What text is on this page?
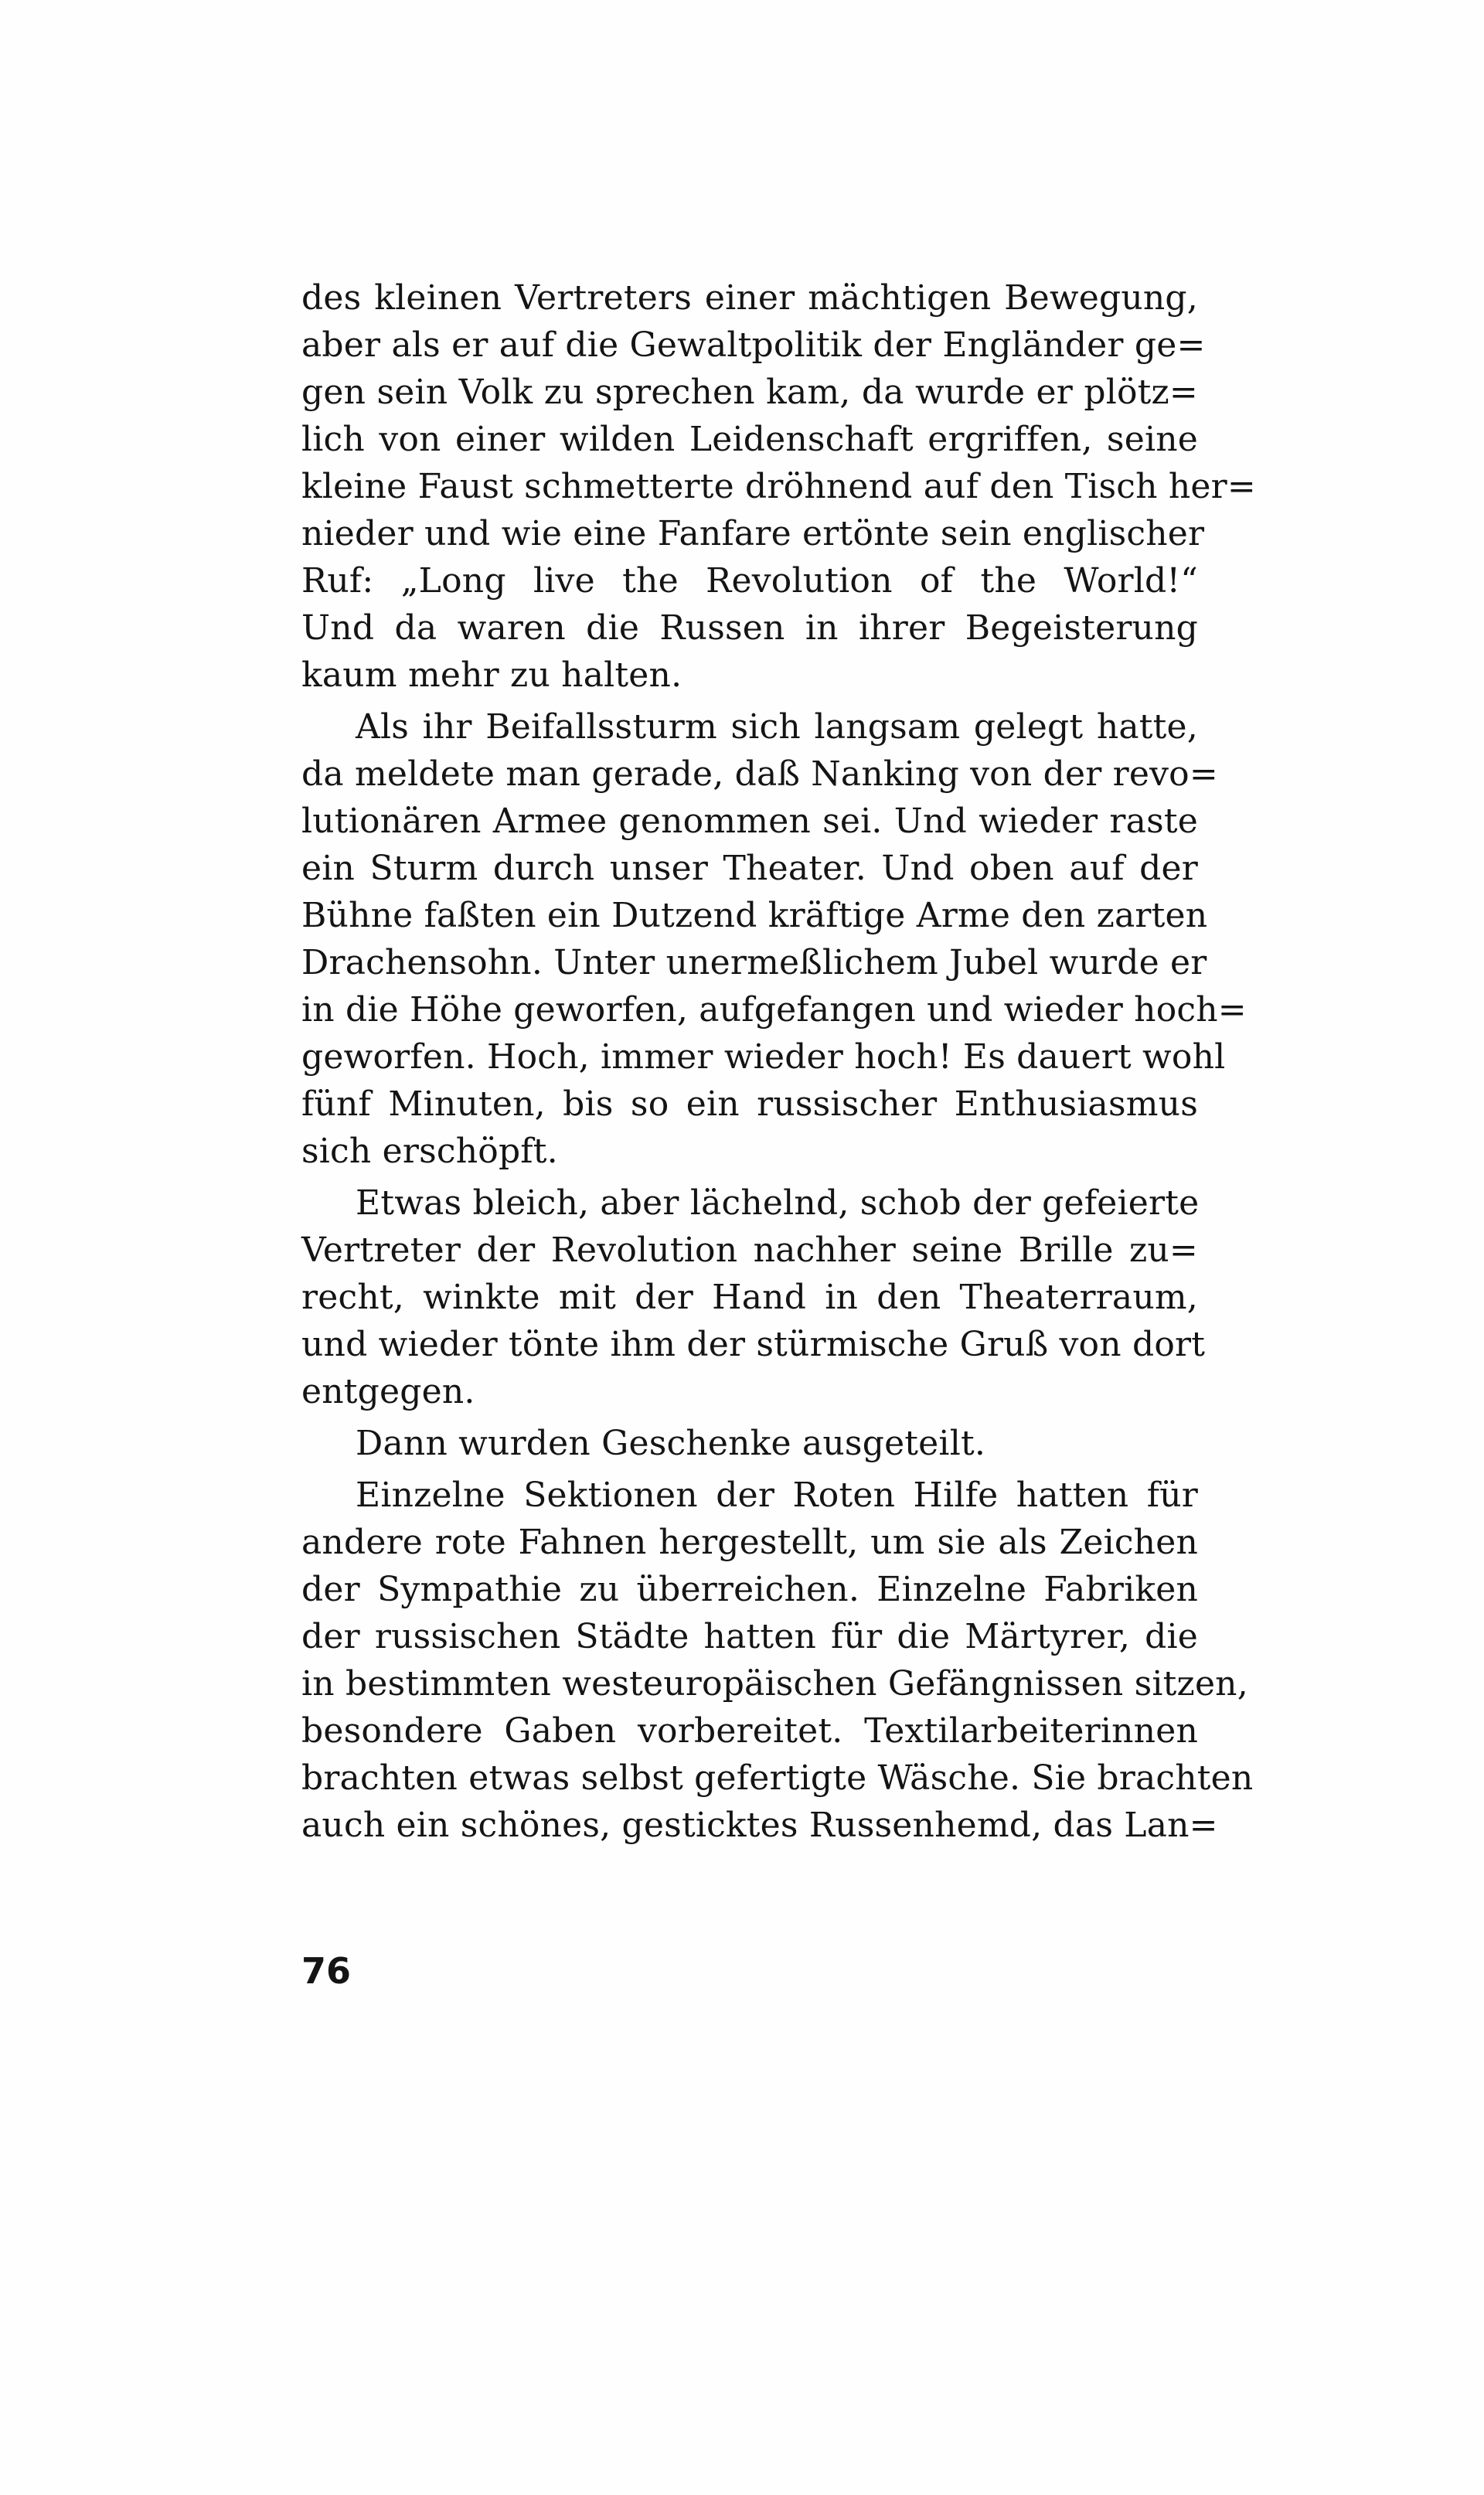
des kleinen Vertreters einer mächtigen Bewegung,
aber als er auf die Gewaltpolitik der Engländer ge=
gen sein Volk zu sprechen kam, da wurde er plötz=
lich von einer wilden Leidenschaft ergriffen, seine
kleine Faust schmetterte dröhnend auf den Tisch her=
nieder und wie eine Fanfare ertönte sein englischer
Ruf: „Long live the Revolution of the World!“
Und da waren die Russen in ihrer Begeisterung
kaum mehr zu halten.
Als ihr Beifallssturm sich langsam gelegt hatte,
da meldete man gerade, daß Nanking von der revo=
lutionären Armee genommen sei. Und wieder raste
ein Sturm durch unser Theater. Und oben auf der
Bühne faßten ein Dutzend kräftige Arme den zarten
Drachensohn. Unter unermeßlichem Jubel wurde er
in die Höhe geworfen, aufgefangen und wieder hoch=
geworfen. Hoch, immer wieder hoch! Es dauert wohl
fünf Minuten, bis so ein russischer Enthusiasmus
sich erschöpft.
Etwas bleich, aber lächelnd, schob der gefeierte
Vertreter der Revolution nachher seine Brille zu=
recht, winkte mit der Hand in den Theaterraum,
und wieder tönte ihm der stürmische Gruß von dort
entgegen.
Dann wurden Geschenke ausgeteilt.
Einzelne Sektionen der Roten Hilfe hatten für
andere rote Fahnen hergestellt, um sie als Zeichen
der Sympathie zu überreichen. Einzelne Fabriken
der russischen Städte hatten für die Märtyrer, die
in bestimmten westeuropäischen Gefängnissen sitzen,
besondere Gaben vorbereitet. Textilarbeiterinnen
brachten etwas selbst gefertigte Wäsche. Sie brachten
auch ein schönes, gesticktes Russenhemd, das Lan=
76
